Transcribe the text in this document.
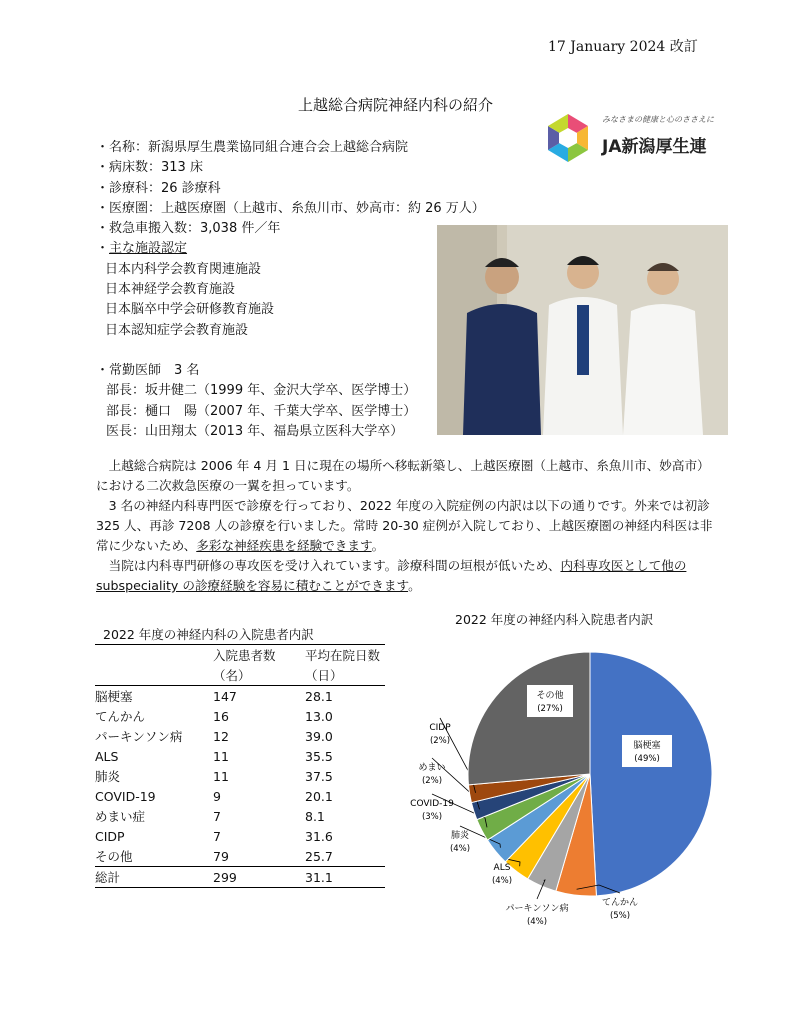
17 January 2024 改訂
上越総合病院神経内科の紹介
みなさまの健康と心のささえに
JA新潟厚生連
・名称：新潟県厚生農業協同組合連合会上越総合病院
・病床数：313 床
・診療科：26 診療科
・医療圏：上越医療圏（上越市、糸魚川市、妙高市：約 26 万人）
・救急車搬入数：3,038 件／年
・主な施設認定
日本内科学会教育関連施設
日本神経学会教育施設
日本脳卒中学会研修教育施設
日本認知症学会教育施設
・常勤医師　3 名
部長：坂井健二（1999 年、金沢大学卒、医学博士）
部長：樋口　陽（2007 年、千葉大学卒、医学博士）
医長：山田翔太（2013 年、福島県立医科大学卒）

上越総合病院は 2006 年 4 月 1 日に現在の場所へ移転新築し、上越医療圏（上越市、糸魚川市、妙高市）における二次救急医療の一翼を担っています。

3 名の神経内科専門医で診療を行っており、2022 年度の入院症例の内訳は以下の通りです。外来では初診 325 人、再診 7208 人の診療を行いました。常時 20-30 症例が入院しており、上越医療圏の神経内科医は非常に少ないため、多彩な神経疾患を経験できます。

当院は内科専門研修の専攻医を受け入れています。診療科間の垣根が低いため、内科専攻医として他の subspeciality の診療経験を容易に積むことができます。

2022 年度の神経内科の入院患者内訳
	入院患者数	平均在院日数
	（名）	（日）
脳梗塞	147	28.1
てんかん	16	13.0
パーキンソン病	12	39.0
ALS	11	35.5
肺炎	11	37.5
COVID-19	9	20.1
めまい症	7	8.1
CIDP	7	31.6
その他	79	25.7
総計	299	31.1
2022 年度の神経内科入院患者内訳
脳梗塞
(49%)
てんかん
(5%)
パーキンソン病
(4%)
ALS
(4%)
肺炎
(4%)
COVID-19
(3%)
めまい
(2%)
CIDP
(2%)
その他
(27%)
